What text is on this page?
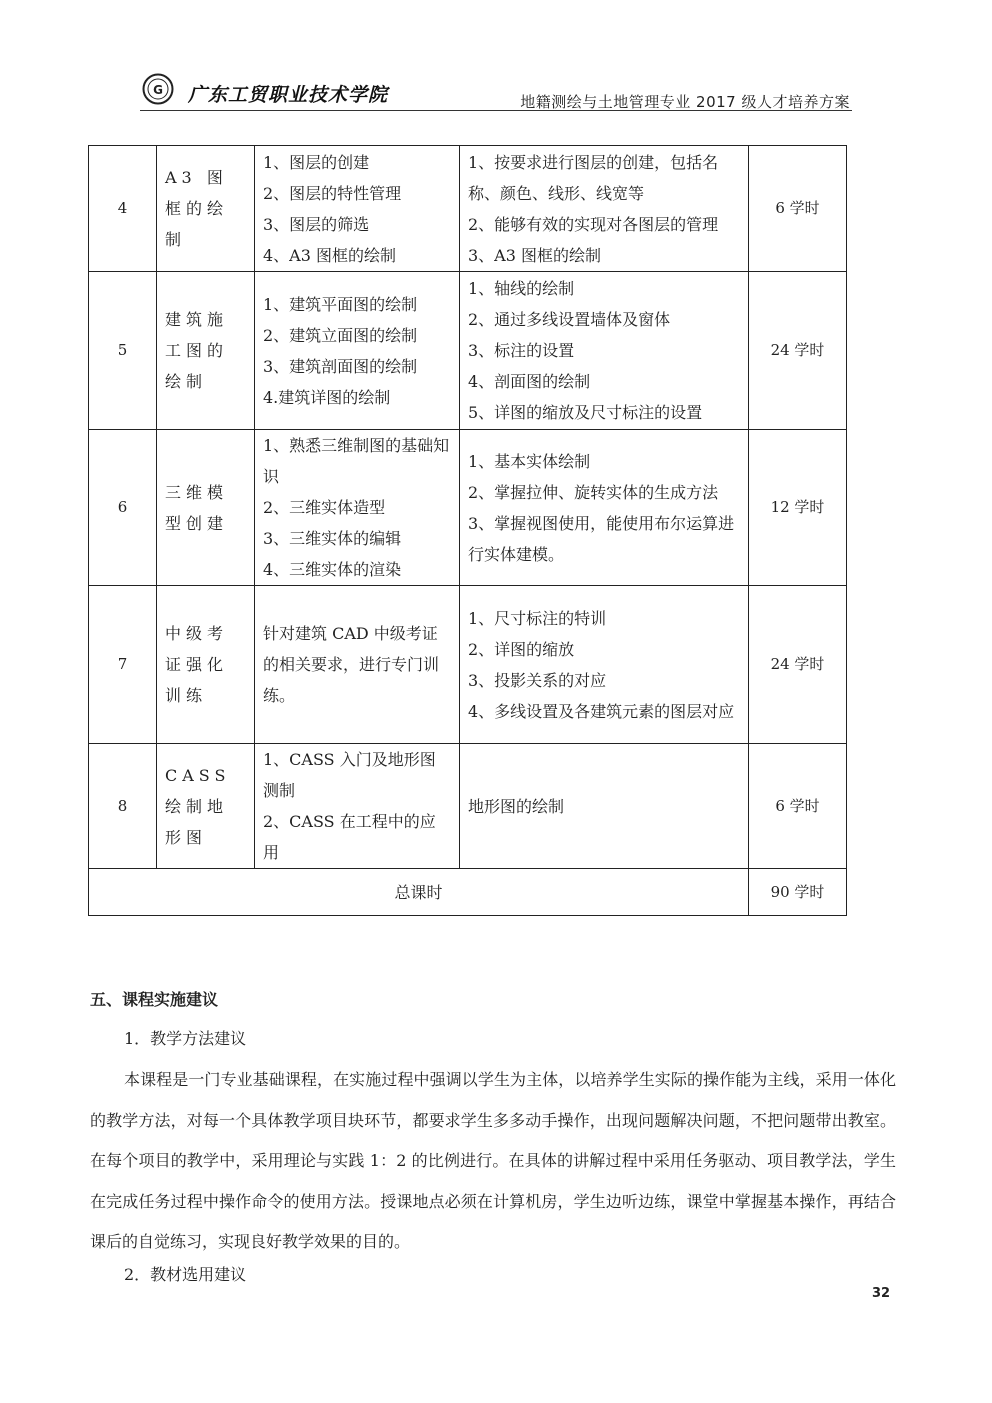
G 广东工贸职业技术学院	地籍测绘与土地管理专业 2017 级人才培养方案
4	A3 图框的绘制	1、图层的创建
2、图层的特性管理
3、图层的筛选
4、A3 图框的绘制	1、按要求进行图层的创建，包括名称、颜色、线形、线宽等
2、能够有效的实现对各图层的管理
3、A3 图框的绘制	6 学时
5	建筑施工图的绘制	1、建筑平面图的绘制
2、建筑立面图的绘制
3、建筑剖面图的绘制
4.建筑详图的绘制	1、轴线的绘制
2、通过多线设置墙体及窗体
3、标注的设置
4、剖面图的绘制
5、详图的缩放及尺寸标注的设置	24 学时
6	三维模型创建	1、熟悉三维制图的基础知识
2、三维实体造型
3、三维实体的编辑
4、三维实体的渲染	1、基本实体绘制
2、掌握拉伸、旋转实体的生成方法
3、掌握视图使用，能使用布尔运算进行实体建模。	12 学时
7	中级考证强化训练	针对建筑 CAD 中级考证的相关要求，进行专门训练。	1、尺寸标注的特训
2、详图的缩放
3、投影关系的对应
4、多线设置及各建筑元素的图层对应	24 学时
8	CASS 绘制地形图	1、CASS 入门及地形图测制
2、CASS 在工程中的应用	地形图的绘制	6 学时
总课时				90 学时
五、课程实施建议
1．教学方法建议
本课程是一门专业基础课程，在实施过程中强调以学生为主体，以培养学生实际的操作能为主线，采用一体化的教学方法，对每一个具体教学项目块环节，都要求学生多多动手操作，出现问题解决问题，不把问题带出教室。在每个项目的教学中，采用理论与实践 1：2 的比例进行。在具体的讲解过程中采用任务驱动、项目教学法，学生在完成任务过程中操作命令的使用方法。授课地点必须在计算机房，学生边听边练，课堂中掌握基本操作，再结合课后的自觉练习，实现良好教学效果的目的。
2．教材选用建议
32
